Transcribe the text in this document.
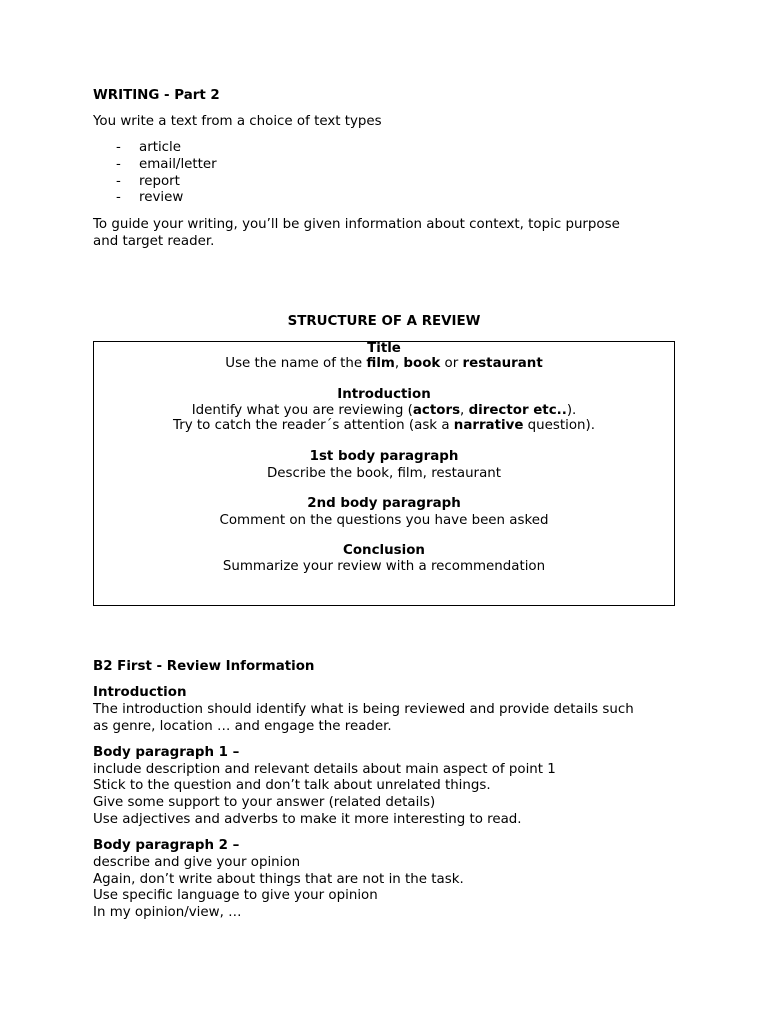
WRITING - Part 2
You write a text from a choice of text types
- article
- email/letter
- report
- review
To guide your writing, you’ll be given information about context, topic purpose
and target reader.
STRUCTURE OF A REVIEW
Title
Use the name of the film, book or restaurant
Introduction
Identify what you are reviewing (actors, director etc..).
Try to catch the reader´s attention (ask a narrative question).
1st body paragraph
Describe the book, film, restaurant
2nd body paragraph
Comment on the questions you have been asked
Conclusion
Summarize your review with a recommendation
B2 First - Review Information
Introduction
The introduction should identify what is being reviewed and provide details such
as genre, location … and engage the reader.
Body paragraph 1 –
include description and relevant details about main aspect of point 1
Stick to the question and don’t talk about unrelated things.
Give some support to your answer (related details)
Use adjectives and adverbs to make it more interesting to read.
Body paragraph 2 –
describe and give your opinion
Again, don’t write about things that are not in the task.
Use specific language to give your opinion
In my opinion/view, …
